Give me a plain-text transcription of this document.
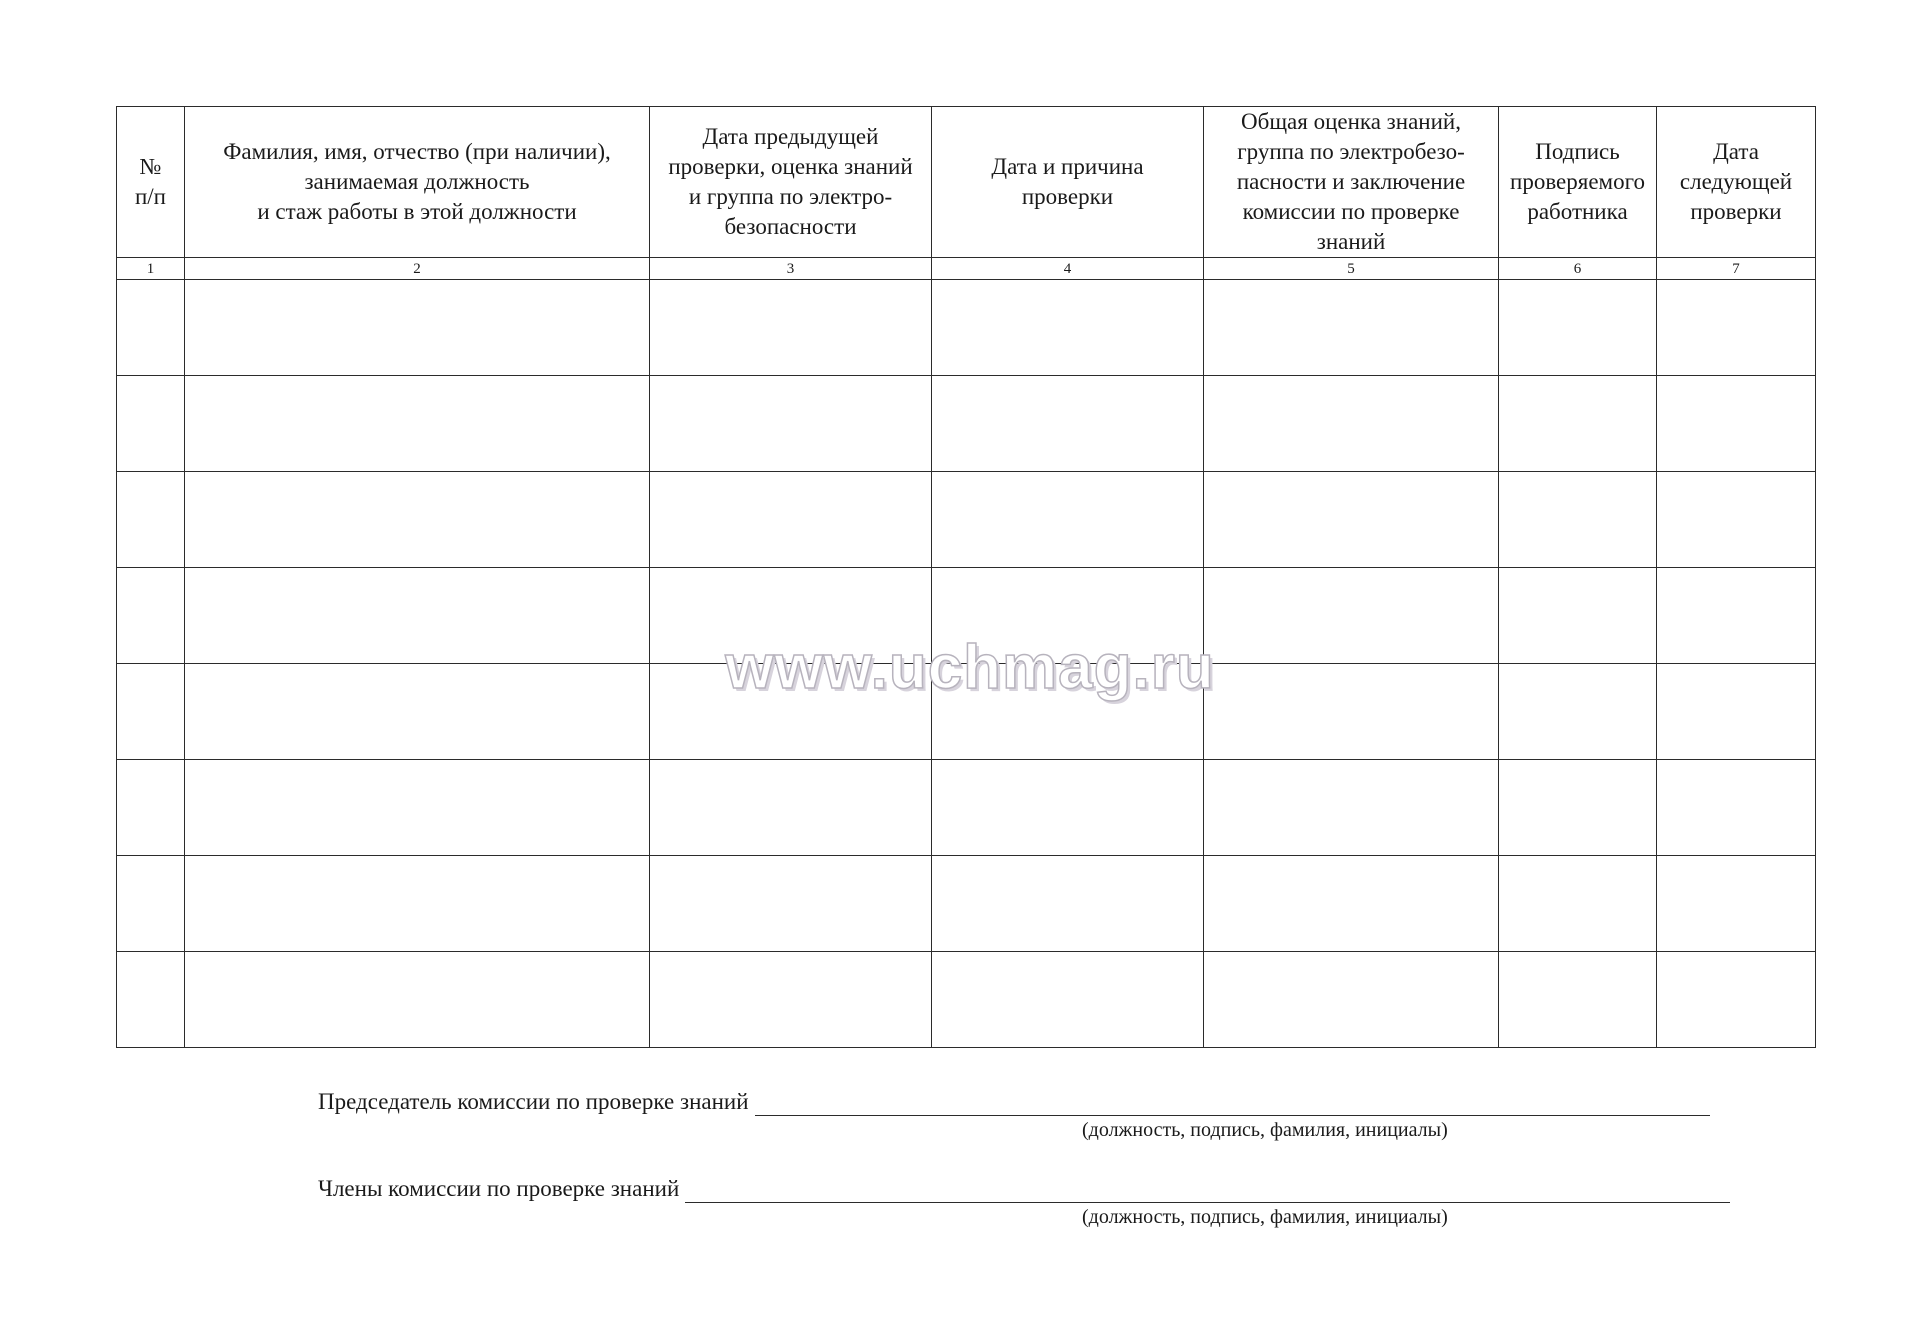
№
п/п	Фамилия, имя, отчество (при наличии),
занимаемая должность
и стаж работы в этой должности	Дата предыдущей
проверки, оценка знаний
и группа по электро-
безопасности	Дата и причина
проверки	Общая оценка знаний,
группа по электробезо-
пасности и заключение
комиссии по проверке
знаний	Подпись
проверяемого
работника	Дата
следующей
проверки
1	2	3	4	5	6	7

www.uchmag.ru
Председатель комиссии по проверке знаний
(должность, подпись, фамилия, инициалы)
Члены комиссии по проверке знаний
(должность, подпись, фамилия, инициалы)
